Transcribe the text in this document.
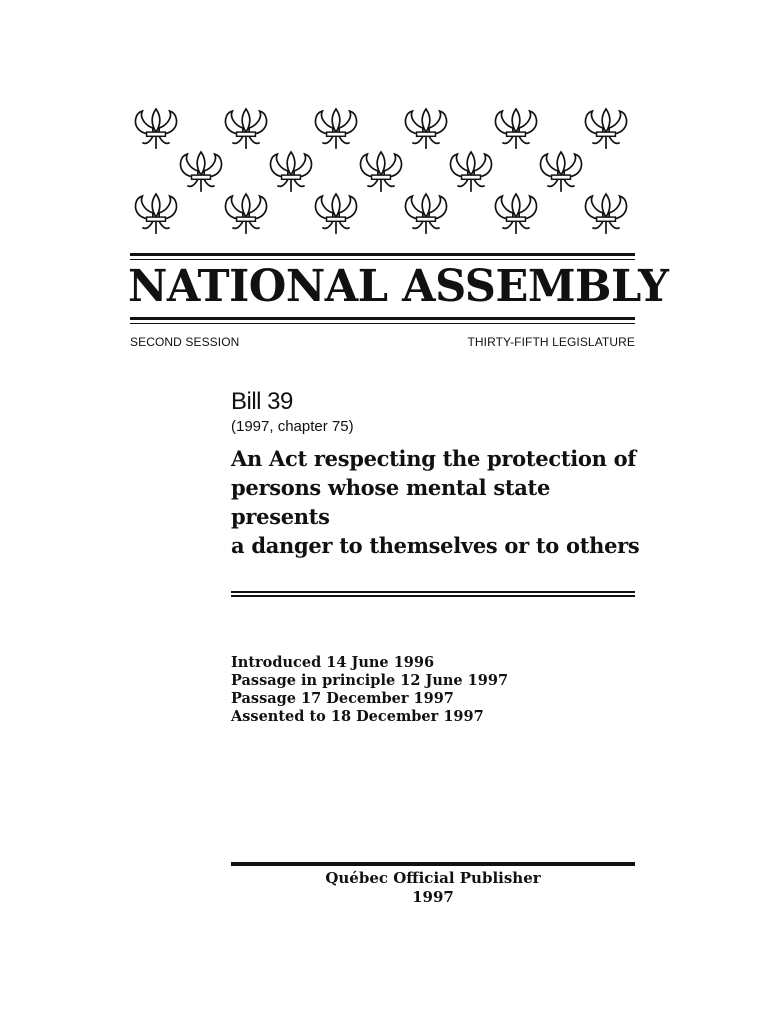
NATIONAL ASSEMBLY
SECOND SESSION	THIRTY-FIFTH LEGISLATURE
Bill 39
(1997, chapter 75)
An Act respecting the protection of
persons whose mental state presents
a danger to themselves or to others
Introduced 14 June 1996
Passage in principle 12 June 1997
Passage 17 December 1997
Assented to 18 December 1997
Québec Official Publisher
1997
